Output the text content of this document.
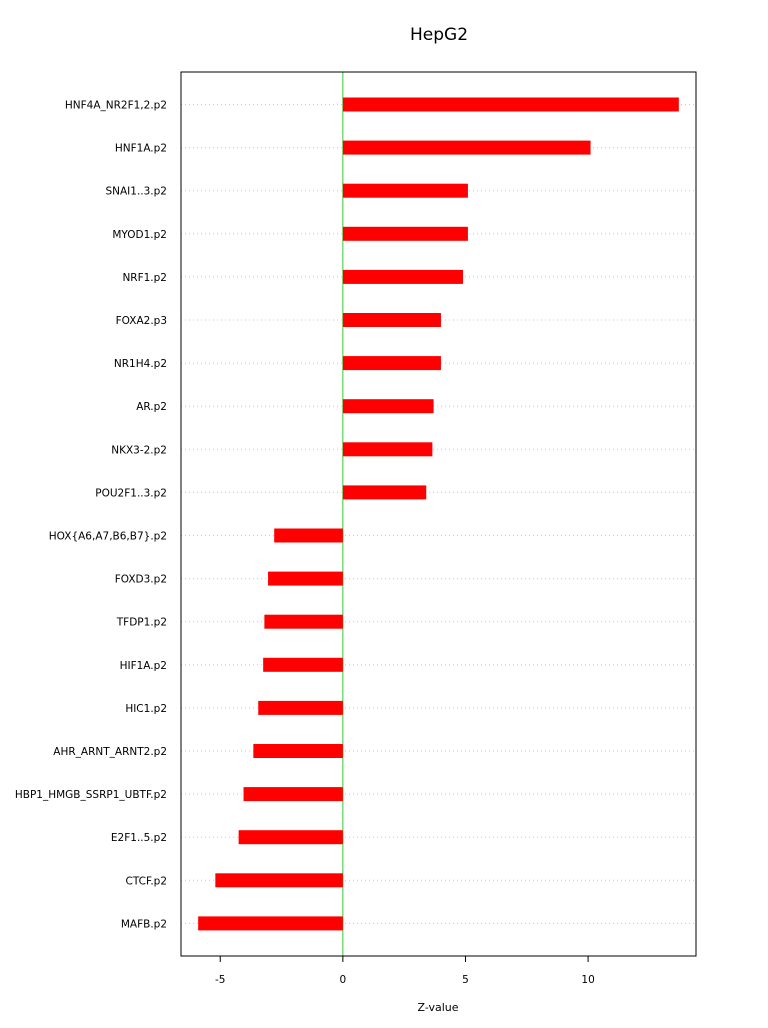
HepG2
HNF4A_NR2F1,2.p2
HNF1A.p2
SNAI1..3.p2
MYOD1.p2
NRF1.p2
FOXA2.p3
NR1H4.p2
AR.p2
NKX3-2.p2
POU2F1..3.p2
HOX{A6,A7,B6,B7}.p2
FOXD3.p2
TFDP1.p2
HIF1A.p2
HIC1.p2
AHR_ARNT_ARNT2.p2
HBP1_HMGB_SSRP1_UBTF.p2
E2F1..5.p2
CTCF.p2
MAFB.p2
-5	0	5	10
Z-value
